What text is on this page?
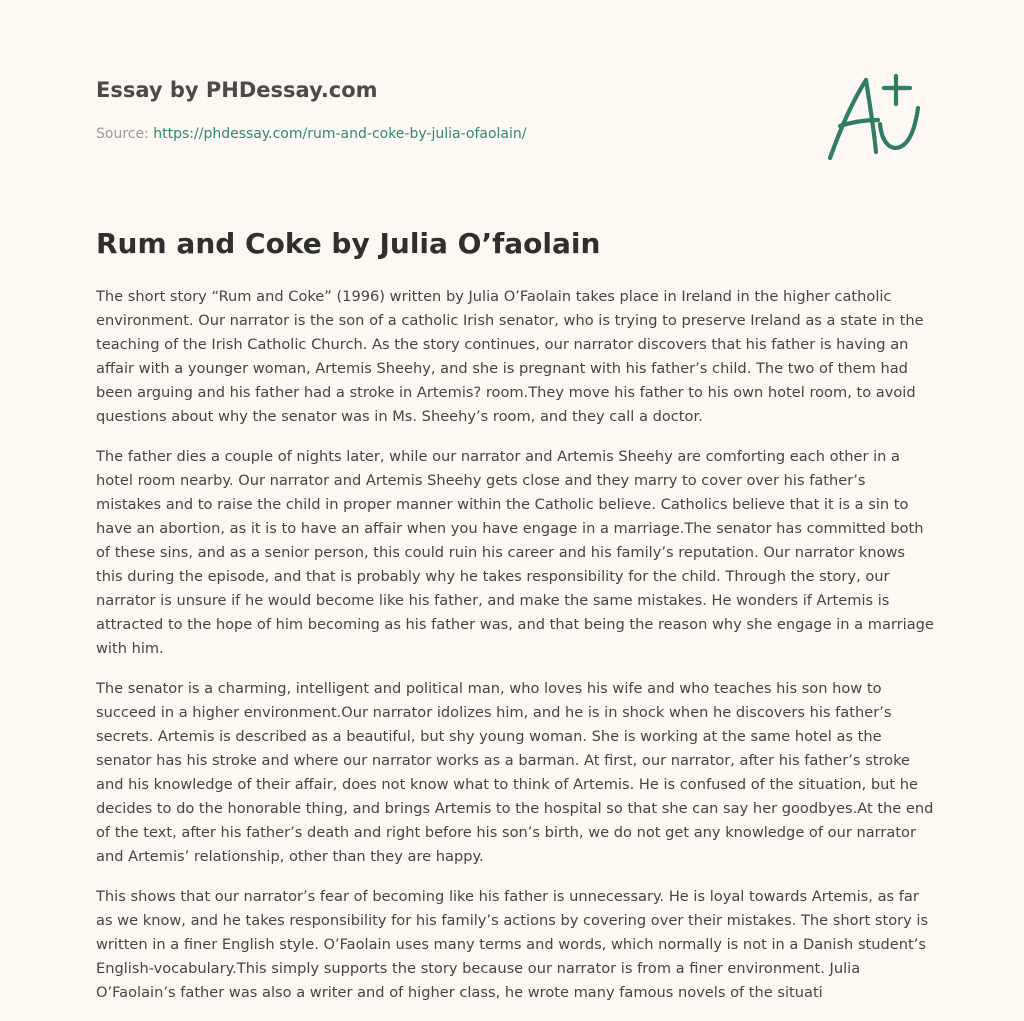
Essay by PHDessay.com
Source: https://phdessay.com/rum-and-coke-by-julia-ofaolain/
Rum and Coke by Julia O’faolain

The short story “Rum and Coke” (1996) written by Julia O’Faolain takes place in Ireland in the higher catholic environment. Our narrator is the son of a catholic Irish senator, who is trying to preserve Ireland as a state in the teaching of the Irish Catholic Church. As the story continues, our narrator discovers that his father is having an affair with a younger woman, Artemis Sheehy, and she is pregnant with his father’s child. The two of them had been arguing and his father had a stroke in Artemis? room.They move his father to his own hotel room, to avoid questions about why the senator was in Ms. Sheehy’s room, and they call a doctor.

The father dies a couple of nights later, while our narrator and Artemis Sheehy are comforting each other in a hotel room nearby. Our narrator and Artemis Sheehy gets close and they marry to cover over his father’s mistakes and to raise the child in proper manner within the Catholic believe. Catholics believe that it is a sin to have an abortion, as it is to have an affair when you have engage in a marriage.The senator has committed both of these sins, and as a senior person, this could ruin his career and his family’s reputation. Our narrator knows this during the episode, and that is probably why he takes responsibility for the child. Through the story, our narrator is unsure if he would become like his father, and make the same mistakes. He wonders if Artemis is attracted to the hope of him becoming as his father was, and that being the reason why she engage in a marriage with him.

The senator is a charming, intelligent and political man, who loves his wife and who teaches his son how to succeed in a higher environment.Our narrator idolizes him, and he is in shock when he discovers his father’s secrets. Artemis is described as a beautiful, but shy young woman. She is working at the same hotel as the senator has his stroke and where our narrator works as a barman. At first, our narrator, after his father’s stroke and his knowledge of their affair, does not know what to think of Artemis. He is confused of the situation, but he decides to do the honorable thing, and brings Artemis to the hospital so that she can say her goodbyes.At the end of the text, after his father’s death and right before his son’s birth, we do not get any knowledge of our narrator and Artemis’ relationship, other than they are happy.

This shows that our narrator’s fear of becoming like his father is unnecessary. He is loyal towards Artemis, as far as we know, and he takes responsibility for his family’s actions by covering over their mistakes. The short story is written in a finer English style. O’Faolain uses many terms and words, which normally is not in a Danish student’s English-vocabulary.This simply supports the story because our narrator is from a finer environment. Julia O’Faolain’s father was also a writer and of higher class, he wrote many famous novels of the situati
